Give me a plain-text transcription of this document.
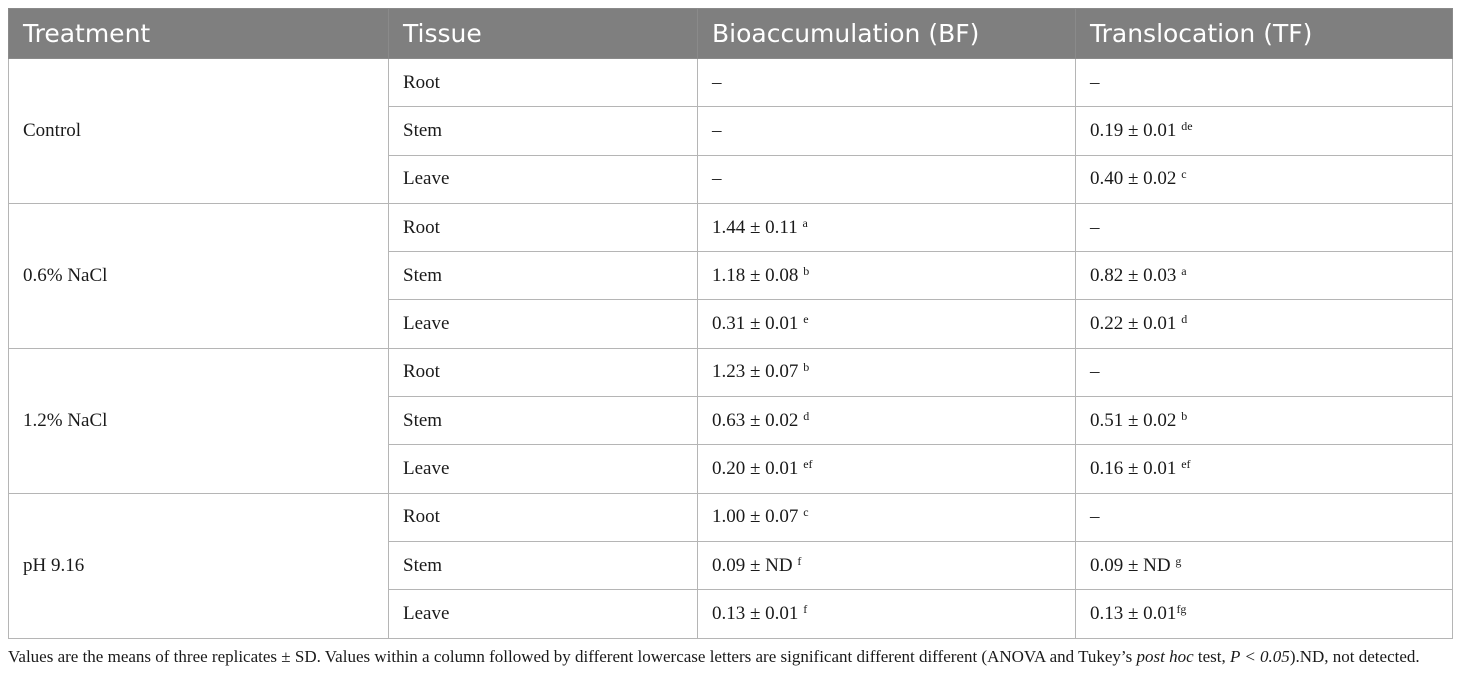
Treatment	Tissue	Bioaccumulation (BF)	Translocation (TF)
Control	Root	–	–
	Stem	–	0.19 ± 0.01 $^{de}$
	Leave	–	0.40 ± 0.02 $^c$
0.6% NaCl	Root	1.44 ± 0.11 $^a$	–
	Stem	1.18 ± 0.08 $^b$	0.82 ± 0.03 $^a$
	Leave	0.31 ± 0.01 $^e$	0.22 ± 0.01 $^d$
1.2% NaCl	Root	1.23 ± 0.07 $^b$	–
	Stem	0.63 ± 0.02 $^d$	0.51 ± 0.02 $^b$
	Leave	0.20 ± 0.01 $^{ef}$	0.16 ± 0.01 $^{ef}$
pH 9.16	Root	1.00 ± 0.07 $^c$	–
	Stem	0.09 ± ND $^f$	0.09 ± ND $^g$
	Leave	0.13 ± 0.01 $^f$	0.13 ± 0.01$^{fg}$
Values are the means of three replicates ± SD. Values within a column followed by different lowercase letters are significant different different (ANOVA and Tukey’s post hoc test, P < 0.05).ND, not detected.
